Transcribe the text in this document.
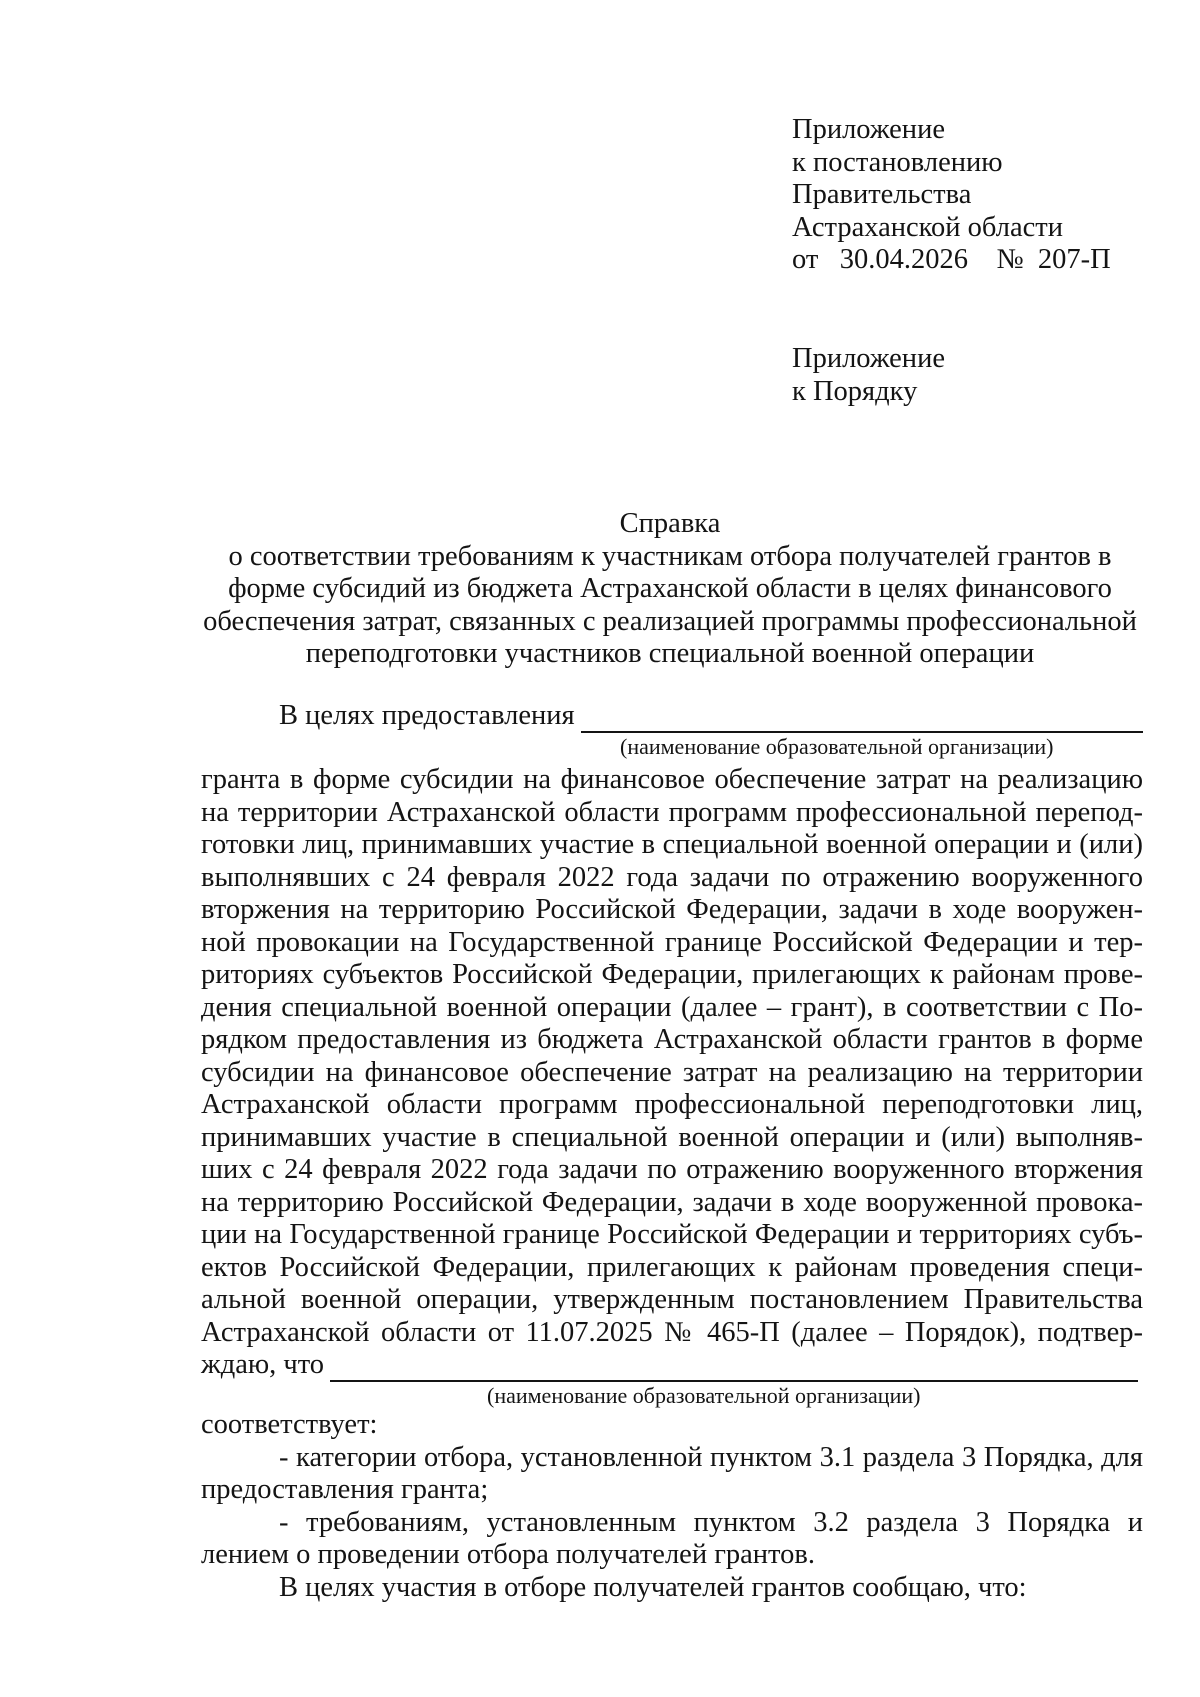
Приложение
к постановлению
Правительства
Астраханской области
от   30.04.2026    №  207-П
Приложение
к Порядку
Справка
о соответствии требованиям к участникам отбора получателей грантов в
форме субсидий из бюджета Астраханской области в целях финансового
обеспечения затрат, связанных с реализацией программы профессиональной
переподготовки участников специальной военной операции
В целях предоставления
(наименование образовательной организации)
гранта в форме субсидии на финансовое обеспечение затрат на реализацию
на территории Астраханской области программ профессиональной перепод-
готовки лиц, принимавших участие в специальной военной операции и (или)
выполнявших с 24 февраля 2022 года задачи по отражению вооруженного
вторжения на территорию Российской Федерации, задачи в ходе вооружен-
ной провокации на Государственной границе Российской Федерации и тер-
риториях субъектов Российской Федерации, прилегающих к районам прове-
дения специальной военной операции (далее – грант), в соответствии с По-
рядком предоставления из бюджета Астраханской области грантов в форме
субсидии на финансовое обеспечение затрат на реализацию на территории
Астраханской области программ профессиональной переподготовки лиц,
принимавших участие в специальной военной операции и (или) выполняв-
ших с 24 февраля 2022 года задачи по отражению вооруженного вторжения
на территорию Российской Федерации, задачи в ходе вооруженной провока-
ции на Государственной границе Российской Федерации и территориях субъ-
ектов Российской Федерации, прилегающих к районам проведения специ-
альной военной операции, утвержденным постановлением Правительства
Астраханской области от 11.07.2025 № 465-П (далее – Порядок), подтвер-
ждаю, что
(наименование образовательной организации)
соответствует:
- категории отбора, установленной пунктом 3.1 раздела 3 Порядка, для
предоставления гранта;
- требованиям, установленным пунктом 3.2 раздела 3 Порядка и
лением о проведении отбора получателей грантов.
В целях участия в отборе получателей грантов сообщаю, что:
